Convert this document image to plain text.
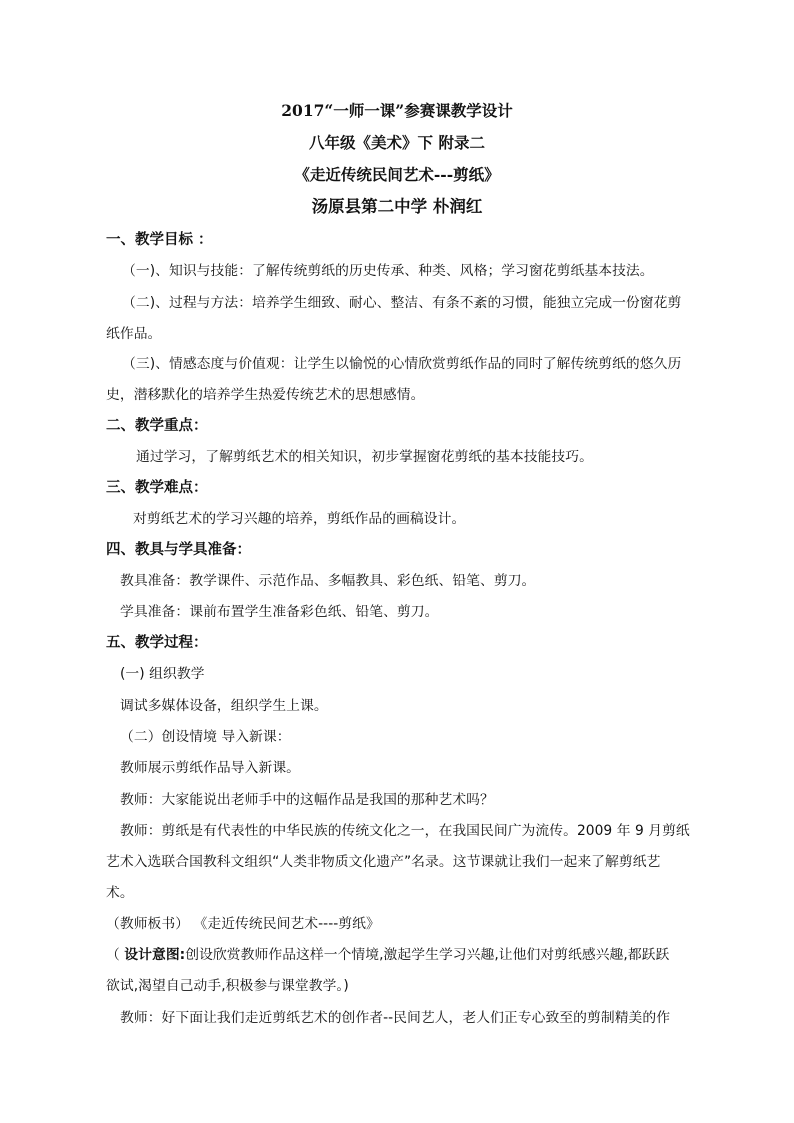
2017“一师一课”参赛课教学设计
八年级《美术》下 附录二
《走近传统民间艺术---剪纸》
汤原县第二中学 朴润红
一、教学目标 ：
（一)、知识与技能：了解传统剪纸的历史传承、种类、风格；学习窗花剪纸基本技法。
（二)、过程与方法：培养学生细致、耐心、整洁、有条不紊的习惯，能独立完成一份窗花剪
纸作品。
（三)、情感态度与价值观：让学生以愉悦的心情欣赏剪纸作品的同时了解传统剪纸的悠久历
史，潜移默化的培养学生热爱传统艺术的思想感情。
二、教学重点：
通过学习，了解剪纸艺术的相关知识，初步掌握窗花剪纸的基本技能技巧。
三、教学难点：
对剪纸艺术的学习兴趣的培养，剪纸作品的画稿设计。
四、教具与学具准备：
教具准备：教学课件、示范作品、多幅教具、彩色纸、铅笔、剪刀。
学具准备：课前布置学生准备彩色纸、铅笔、剪刀。
五、教学过程：
(一) 组织教学
调试多媒体设备，组织学生上课。
（二）创设情境 导入新课：
教师展示剪纸作品导入新课。
教师：大家能说出老师手中的这幅作品是我国的那种艺术吗？
教师：剪纸是有代表性的中华民族的传统文化之一，在我国民间广为流传。2009 年 9 月剪纸
艺术入选联合国教科文组织“人类非物质文化遗产”名录。这节课就让我们一起来了解剪纸艺
术。
（教师板书） 《走近传统民间艺术----剪纸》
（ 设计意图:创设欣赏教师作品这样一个情境,激起学生学习兴趣,让他们对剪纸感兴趣,都跃跃
欲试,渴望自己动手,积极参与课堂教学。)
教师：好下面让我们走近剪纸艺术的创作者--民间艺人，老人们正专心致至的剪制精美的作
